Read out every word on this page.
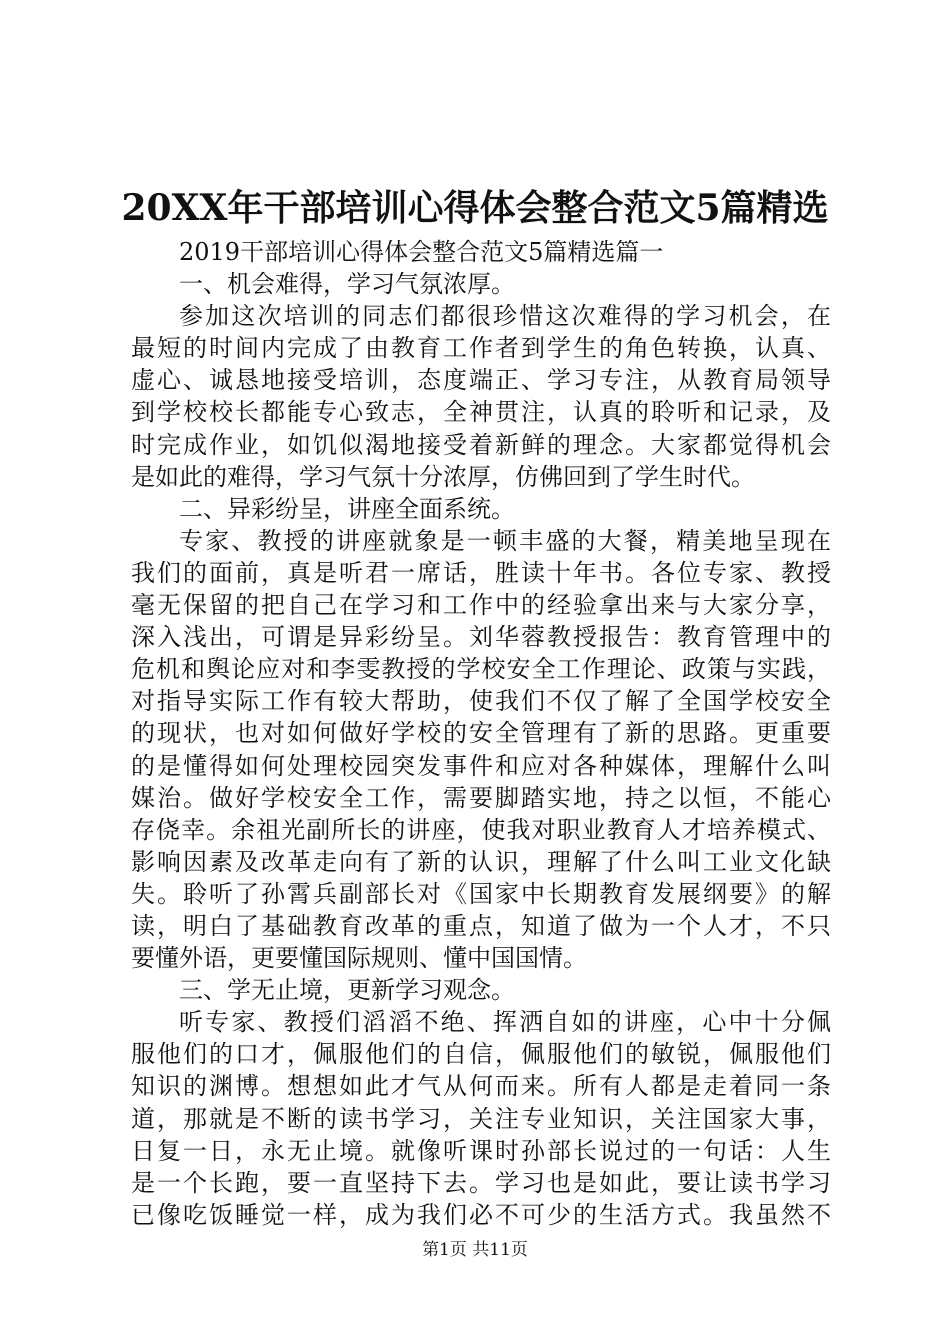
20XX年干部培训心得体会整合范文5篇精选
2019干部培训心得体会整合范文5篇精选篇一
一、机会难得，学习气氛浓厚。
参加这次培训的同志们都很珍惜这次难得的学习机会，在
最短的时间内完成了由教育工作者到学生的角色转换，认真、
虚心、诚恳地接受培训，态度端正、学习专注，从教育局领导
到学校校长都能专心致志，全神贯注，认真的聆听和记录，及
时完成作业，如饥似渴地接受着新鲜的理念。大家都觉得机会
是如此的难得，学习气氛十分浓厚，仿佛回到了学生时代。
二、异彩纷呈，讲座全面系统。
专家、教授的讲座就象是一顿丰盛的大餐，精美地呈现在
我们的面前，真是听君一席话，胜读十年书。各位专家、教授
毫无保留的把自己在学习和工作中的经验拿出来与大家分享，
深入浅出，可谓是异彩纷呈。刘华蓉教授报告：教育管理中的
危机和舆论应对和李雯教授的学校安全工作理论、政策与实践，
对指导实际工作有较大帮助，使我们不仅了解了全国学校安全
的现状，也对如何做好学校的安全管理有了新的思路。更重要
的是懂得如何处理校园突发事件和应对各种媒体，理解什么叫
媒治。做好学校安全工作，需要脚踏实地，持之以恒，不能心
存侥幸。余祖光副所长的讲座，使我对职业教育人才培养模式、
影响因素及改革走向有了新的认识，理解了什么叫工业文化缺
失。聆听了孙霄兵副部长对《国家中长期教育发展纲要》的解
读，明白了基础教育改革的重点，知道了做为一个人才，不只
要懂外语，更要懂国际规则、懂中国国情。
三、学无止境，更新学习观念。
听专家、教授们滔滔不绝、挥洒自如的讲座，心中十分佩
服他们的口才，佩服他们的自信，佩服他们的敏锐，佩服他们
知识的渊博。想想如此才气从何而来。所有人都是走着同一条
道，那就是不断的读书学习，关注专业知识，关注国家大事，
日复一日，永无止境。就像听课时孙部长说过的一句话：人生
是一个长跑，要一直坚持下去。学习也是如此，要让读书学习
已像吃饭睡觉一样，成为我们必不可少的生活方式。我虽然不
第1页 共11页
